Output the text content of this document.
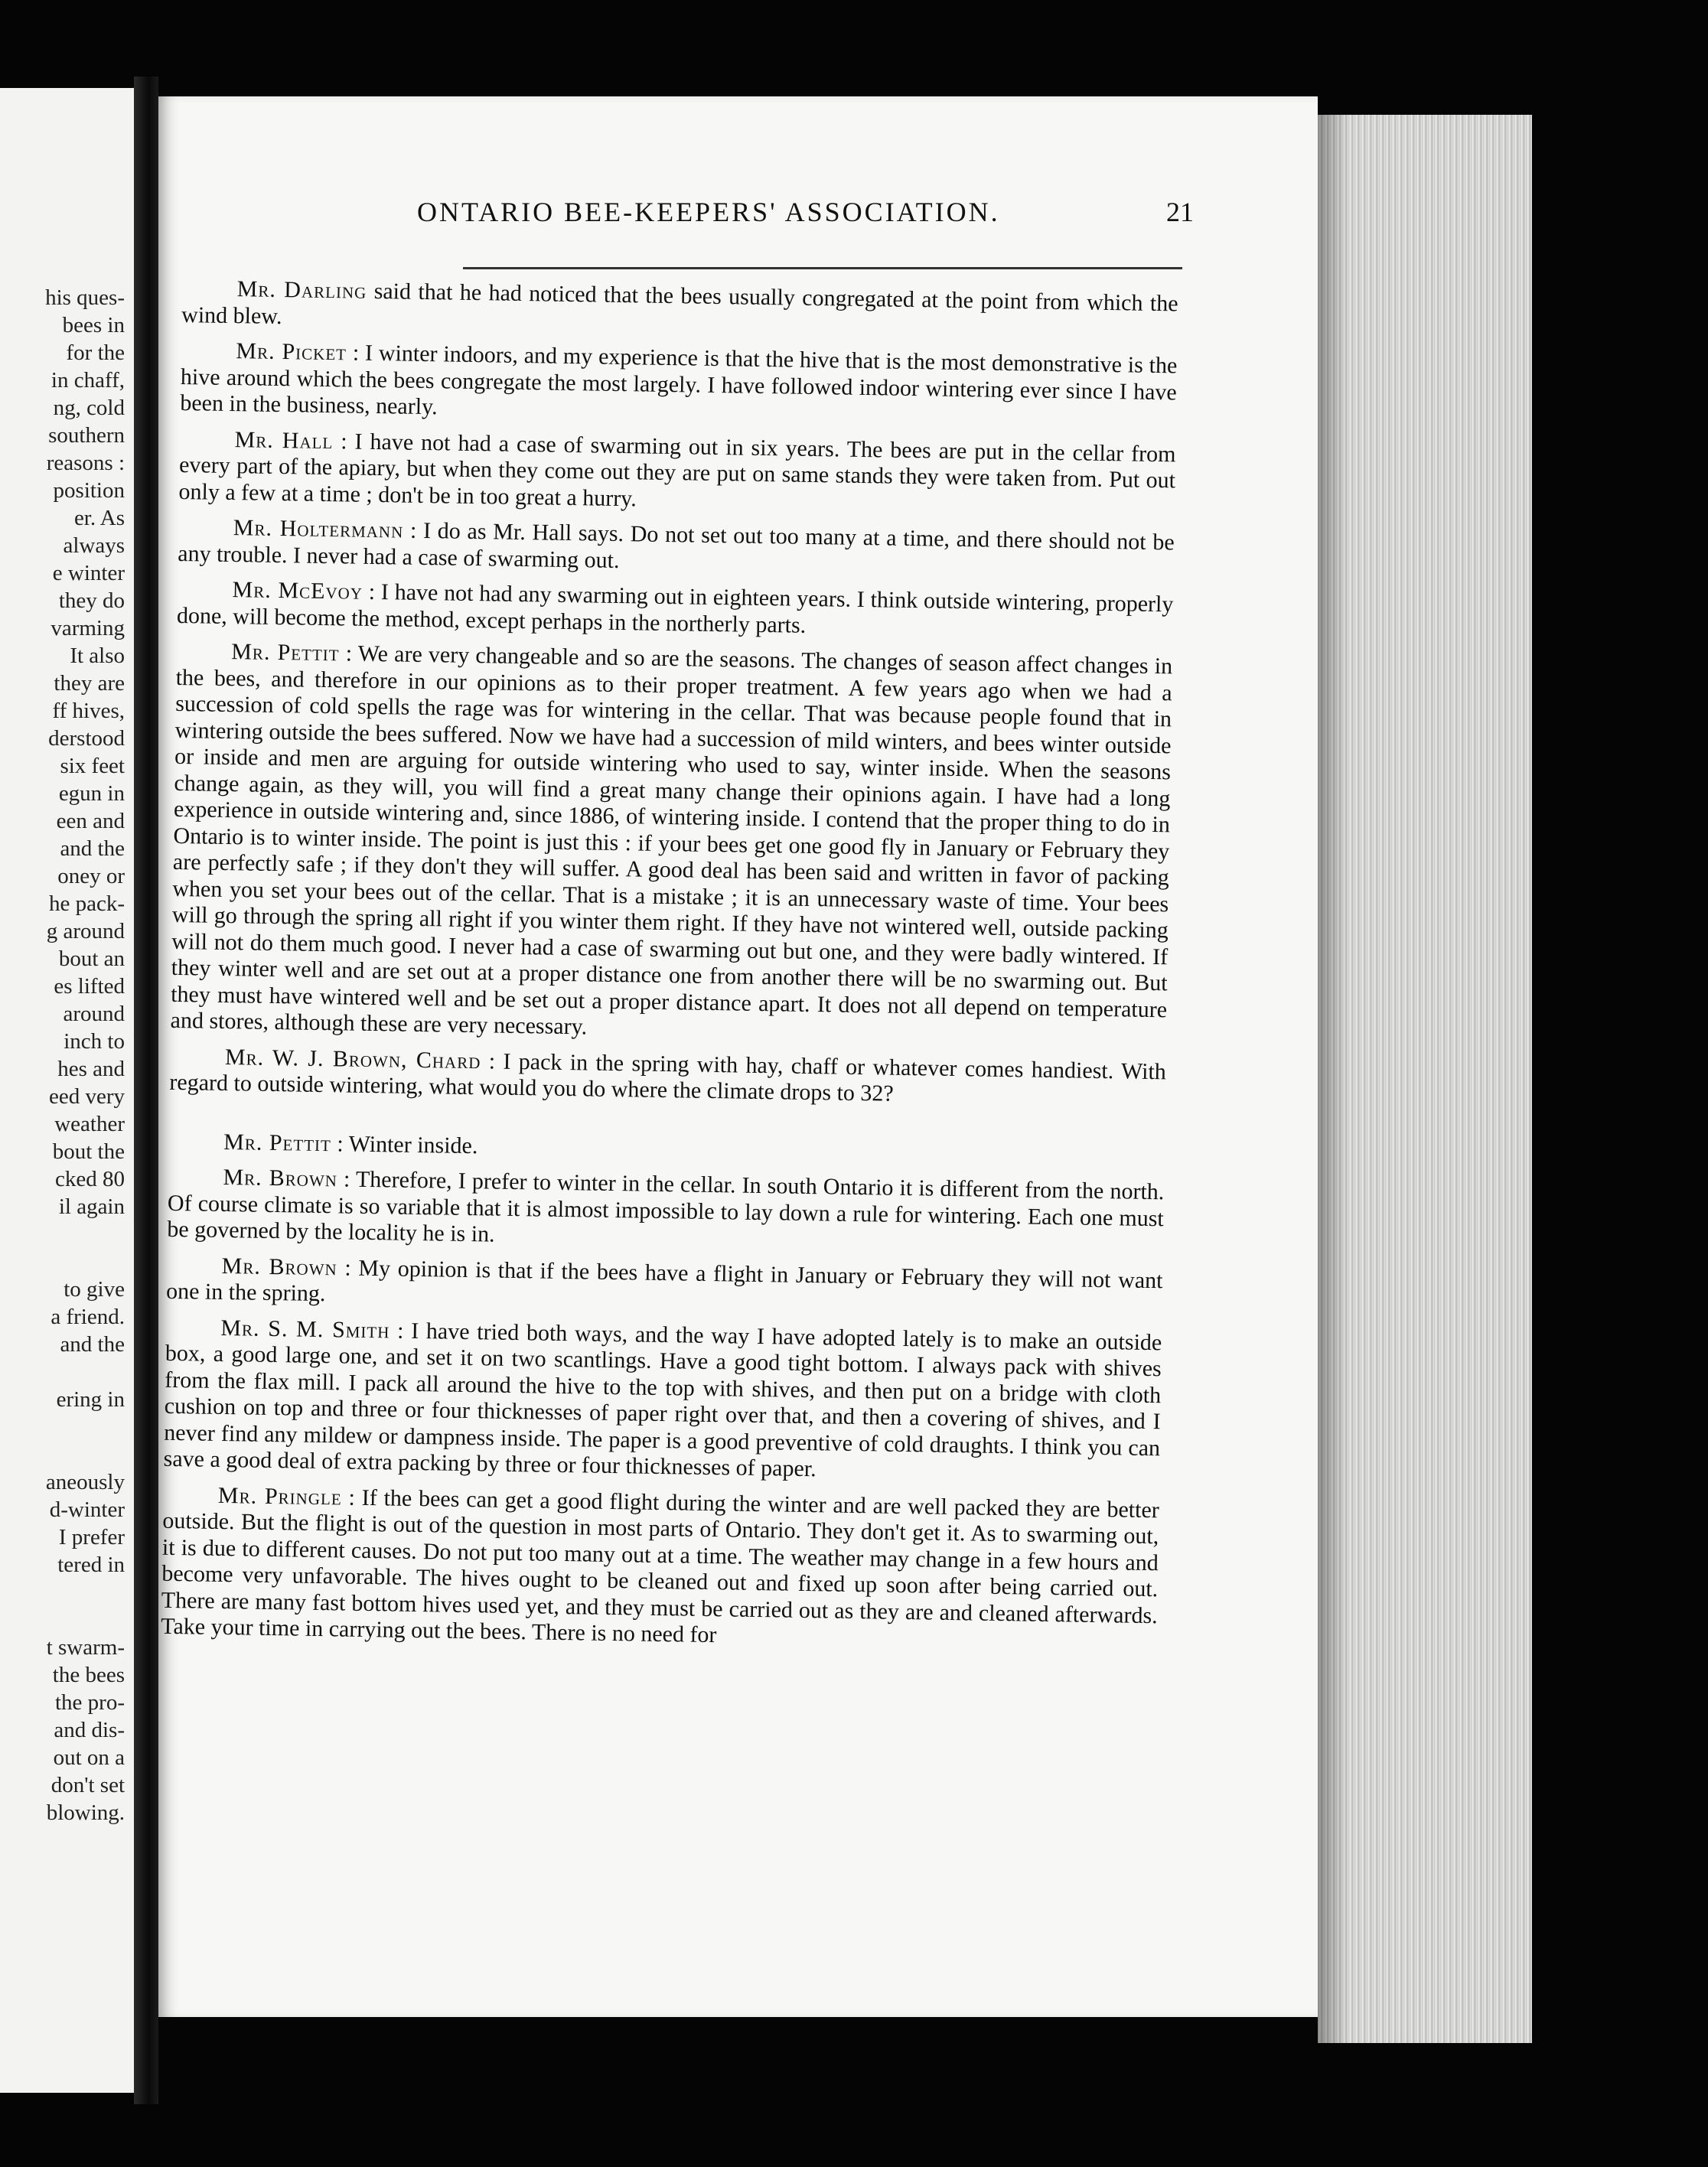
his ques-
bees in
for the
in chaff,
ng, cold
southern
reasons :
position
er. As
always
e winter
they do
varming
It also
they are
ff hives,
derstood
six feet
egun in
een and
and the
oney or
he pack-
g around
bout an
es lifted
around
inch to
hes and
eed very
weather
bout the
cked 80
il again
to give
a friend.
and the
ering in
aneously
d-winter
I prefer
tered in
t swarm-
the bees
the pro-
and dis-
out on a
don't set
blowing.
ONTARIO BEE-KEEPERS' ASSOCIATION.	21

Mr. Darling said that he had noticed that the bees usually congregated at the point from which the wind blew.

Mr. Picket : I winter indoors, and my experience is that the hive that is the most demonstrative is the hive around which the bees congregate the most largely. I have followed indoor wintering ever since I have been in the business, nearly.

Mr. Hall : I have not had a case of swarming out in six years. The bees are put in the cellar from every part of the apiary, but when they come out they are put on same stands they were taken from. Put out only a few at a time ; don't be in too great a hurry.

Mr. Holtermann : I do as Mr. Hall says. Do not set out too many at a time, and there should not be any trouble. I never had a case of swarming out.

Mr. McEvoy : I have not had any swarming out in eighteen years. I think outside wintering, properly done, will become the method, except perhaps in the northerly parts.

Mr. Pettit : We are very changeable and so are the seasons. The changes of season affect changes in the bees, and therefore in our opinions as to their proper treatment. A few years ago when we had a succession of cold spells the rage was for wintering in the cellar. That was because people found that in wintering outside the bees suffered. Now we have had a succession of mild winters, and bees winter outside or inside and men are arguing for outside wintering who used to say, winter inside. When the seasons change again, as they will, you will find a great many change their opinions again. I have had a long experience in outside wintering and, since 1886, of wintering inside. I contend that the proper thing to do in Ontario is to winter inside. The point is just this : if your bees get one good fly in January or February they are perfectly safe ; if they don't they will suffer. A good deal has been said and written in favor of packing when you set your bees out of the cellar. That is a mistake ; it is an unnecessary waste of time. Your bees will go through the spring all right if you winter them right. If they have not wintered well, outside packing will not do them much good. I never had a case of swarming out but one, and they were badly wintered. If they winter well and are set out at a proper distance one from another there will be no swarming out. But they must have wintered well and be set out a proper distance apart. It does not all depend on temperature and stores, although these are very necessary.

Mr. W. J. Brown, Chard : I pack in the spring with hay, chaff or whatever comes handiest. With regard to outside wintering, what would you do where the climate drops to 32?

Mr. Pettit : Winter inside.

Mr. Brown : Therefore, I prefer to winter in the cellar. In south Ontario it is different from the north. Of course climate is so variable that it is almost impossible to lay down a rule for wintering. Each one must be governed by the locality he is in.

Mr. Brown : My opinion is that if the bees have a flight in January or February they will not want one in the spring.

Mr. S. M. Smith : I have tried both ways, and the way I have adopted lately is to make an outside box, a good large one, and set it on two scantlings. Have a good tight bottom. I always pack with shives from the flax mill. I pack all around the hive to the top with shives, and then put on a bridge with cloth cushion on top and three or four thicknesses of paper right over that, and then a covering of shives, and I never find any mildew or dampness inside. The paper is a good preventive of cold draughts. I think you can save a good deal of extra packing by three or four thicknesses of paper.

Mr. Pringle : If the bees can get a good flight during the winter and are well packed they are better outside. But the flight is out of the question in most parts of Ontario. They don't get it. As to swarming out, it is due to different causes. Do not put too many out at a time. The weather may change in a few hours and become very unfavorable. The hives ought to be cleaned out and fixed up soon after being carried out. There are many fast bottom hives used yet, and they must be carried out as they are and cleaned afterwards. Take your time in carrying out the bees. There is no need for
